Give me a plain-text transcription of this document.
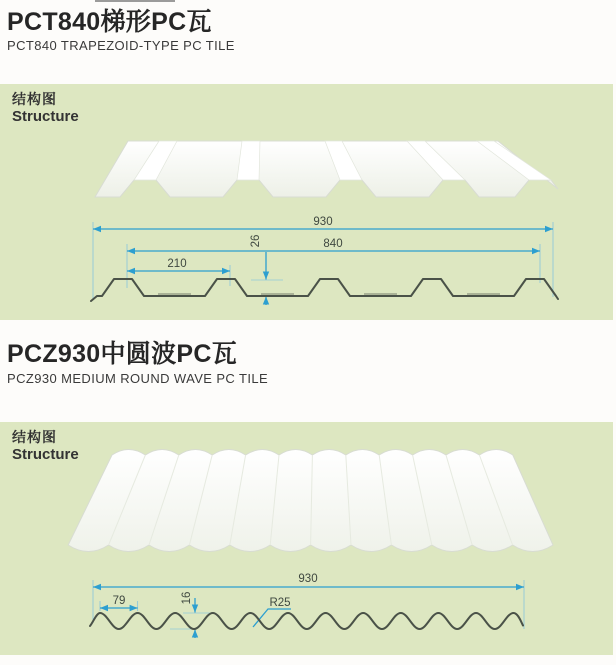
PCT840梯形PC瓦
PCT840 TRAPEZOID-TYPE PC TILE
结构图
Structure
930
840
210
26
PCZ930中圆波PC瓦
PCZ930 MEDIUM ROUND WAVE PC TILE
结构图
Structure
930
79	16	R25
